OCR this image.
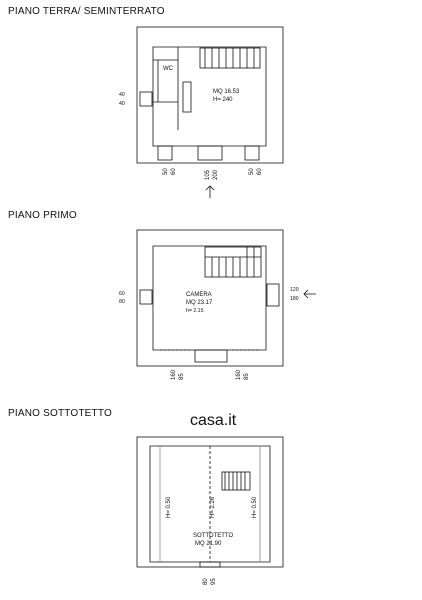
PIANO TERRA/ SEMINTERRATO
PIANO PRIMO
PIANO SOTTOTETTO
WC
MQ 16.53
H= 240
40
40
50 60	105 200	50 60
CAMERA
MQ 23.17
h= 2.15
60
80
120
180
160 85	160 85
casa.it
H= 0.50	H= 2.26	H= 0.50
SOTTOTETTO
MQ 21.90
80 95
